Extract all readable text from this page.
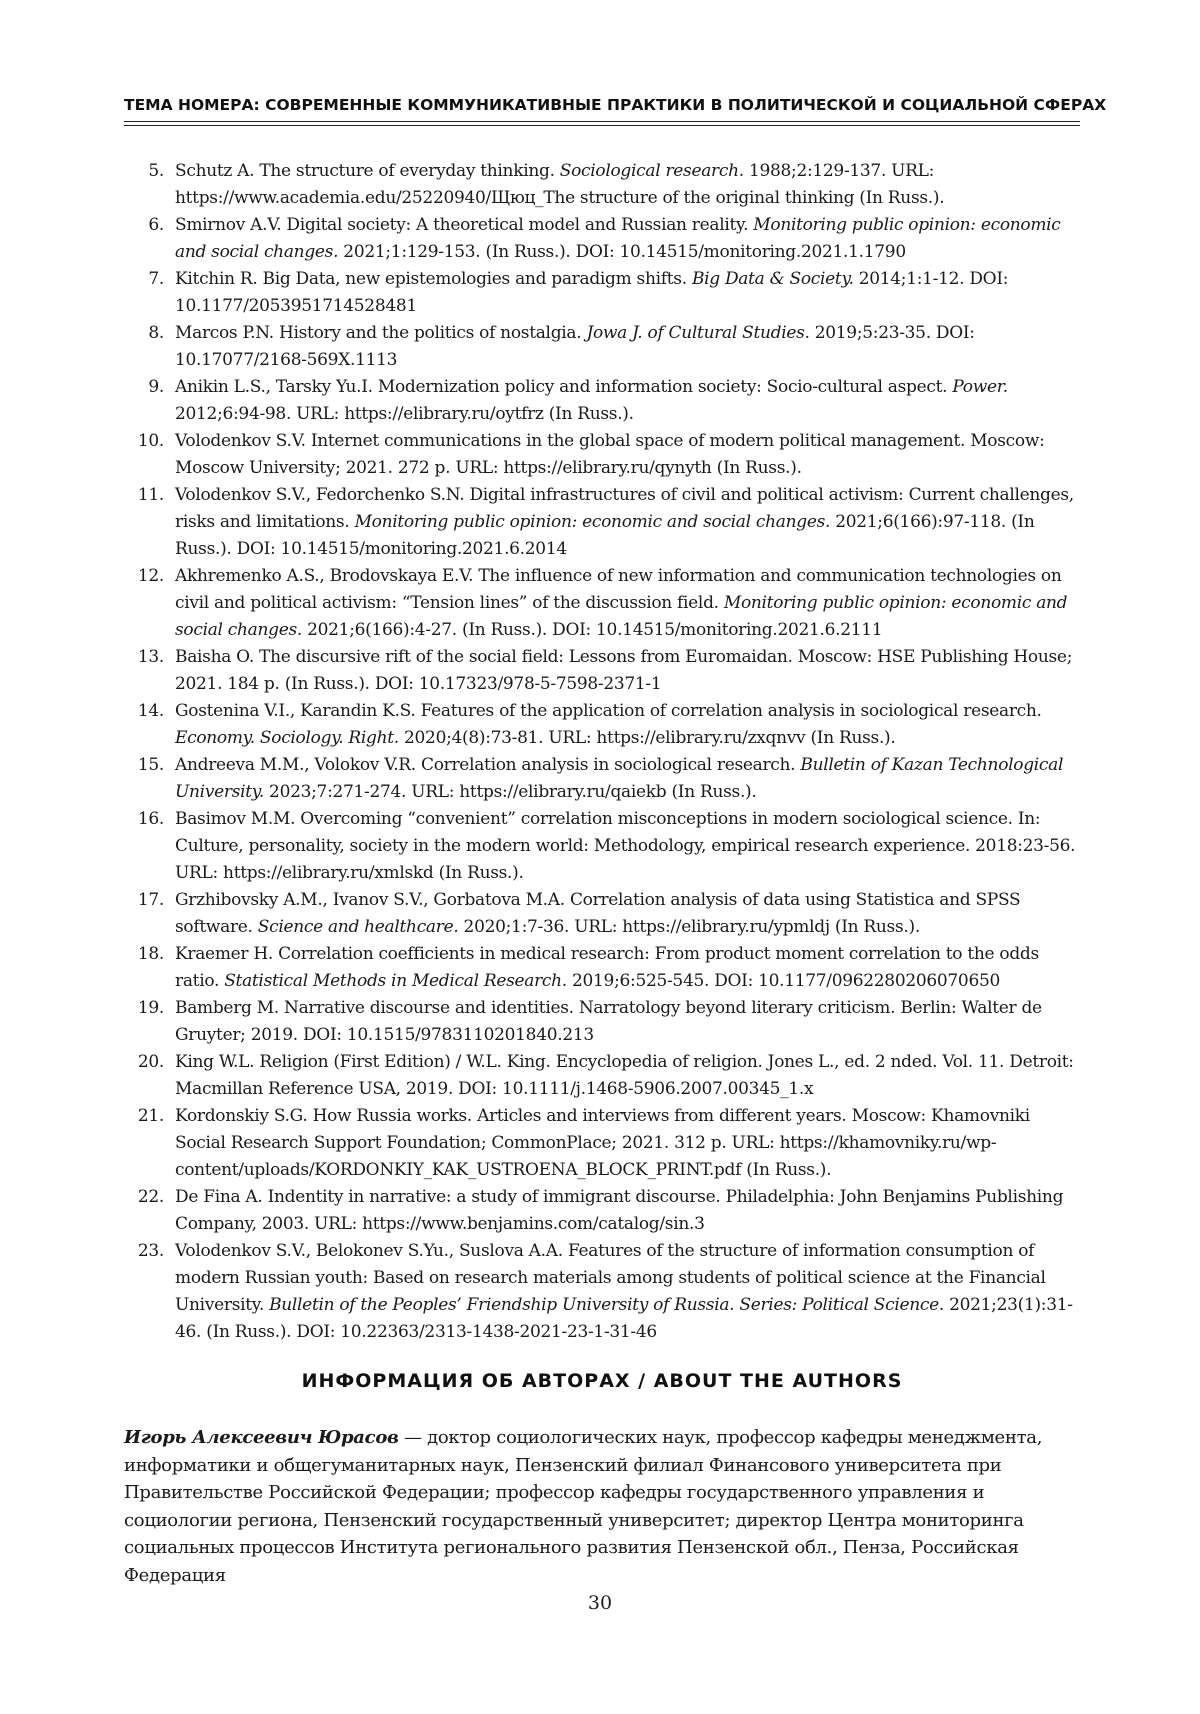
ТЕМА НОМЕРА: СОВРЕМЕННЫЕ КОММУНИКАТИВНЫЕ ПРАКТИКИ В ПОЛИТИЧЕСКОЙ И СОЦИАЛЬНОЙ СФЕРАХ
5. Schutz A. The structure of everyday thinking. Sociological research. 1988;2:129-137. URL: https://www.academia.edu/25220940/Щюц_The structure of the original thinking (In Russ.).
6. Smirnov A.V. Digital society: A theoretical model and Russian reality. Monitoring public opinion: economic and social changes. 2021;1:129-153. (In Russ.). DOI: 10.14515/monitoring.2021.1.1790
7. Kitchin R. Big Data, new epistemologies and paradigm shifts. Big Data & Society. 2014;1:1-12. DOI: 10.1177/2053951714528481
8. Marcos P.N. History and the politics of nostalgia. Jowa J. of Cultural Studies. 2019;5:23-35. DOI: 10.17077/2168-569X.1113
9. Anikin L.S., Tarsky Yu.I. Modernization policy and information society: Socio-cultural aspect. Power. 2012;6:94-98. URL: https://elibrary.ru/oytfrz (In Russ.).
10. Volodenkov S.V. Internet communications in the global space of modern political management. Moscow: Moscow University; 2021. 272 p. URL: https://elibrary.ru/qynyth (In Russ.).
11. Volodenkov S.V., Fedorchenko S.N. Digital infrastructures of civil and political activism: Current challenges, risks and limitations. Monitoring public opinion: economic and social changes. 2021;6(166):97-118. (In Russ.). DOI: 10.14515/monitoring.2021.6.2014
12. Akhremenko A.S., Brodovskaya E.V. The influence of new information and communication technologies on civil and political activism: “Tension lines” of the discussion field. Monitoring public opinion: economic and social changes. 2021;6(166):4-27. (In Russ.). DOI: 10.14515/monitoring.2021.6.2111
13. Baisha O. The discursive rift of the social field: Lessons from Euromaidan. Moscow: HSE Publishing House; 2021. 184 p. (In Russ.). DOI: 10.17323/978-5-7598-2371-1
14. Gostenina V.I., Karandin K.S. Features of the application of correlation analysis in sociological research. Economy. Sociology. Right. 2020;4(8):73-81. URL: https://elibrary.ru/zxqnvv (In Russ.).
15. Andreeva M.M., Volokov V.R. Correlation analysis in sociological research. Bulletin of Kazan Technological University. 2023;7:271-274. URL: https://elibrary.ru/qaiekb (In Russ.).
16. Basimov M.M. Overcoming “convenient” correlation misconceptions in modern sociological science. In: Culture, personality, society in the modern world: Methodology, empirical research experience. 2018:23-56. URL: https://elibrary.ru/xmlskd (In Russ.).
17. Grzhibovsky A.M., Ivanov S.V., Gorbatova M.A. Correlation analysis of data using Statistica and SPSS software. Science and healthcare. 2020;1:7-36. URL: https://elibrary.ru/ypmldj (In Russ.).
18. Kraemer H. Correlation coefficients in medical research: From product moment correlation to the odds ratio. Statistical Methods in Medical Research. 2019;6:525-545. DOI: 10.1177/0962280206070650
19. Bamberg M. Narrative discourse and identities. Narratology beyond literary criticism. Berlin: Walter de Gruyter; 2019. DOI: 10.1515/9783110201840.213
20. King W.L. Religion (First Edition) / W.L. King. Encyclopedia of religion. Jones L., ed. 2 nded. Vol. 11. Detroit: Macmillan Reference USA, 2019. DOI: 10.1111/j.1468-5906.2007.00345_1.x
21. Kordonskiy S.G. How Russia works. Articles and interviews from different years. Moscow: Khamovniki Social Research Support Foundation; CommonPlace; 2021. 312 p. URL: https://khamovniky.ru/wp-content/uploads/KORDONKIY_KAK_USTROENA_BLOCK_PRINT.pdf (In Russ.).
22. De Fina A. Indentity in narrative: a study of immigrant discourse. Philadelphia: John Benjamins Publishing Company, 2003. URL: https://www.benjamins.com/catalog/sin.3
23. Volodenkov S.V., Belokonev S.Yu., Suslova A.A. Features of the structure of information consumption of modern Russian youth: Based on research materials among students of political science at the Financial University. Bulletin of the Peoples’ Friendship University of Russia. Series: Political Science. 2021;23(1):31-46. (In Russ.). DOI: 10.22363/2313-1438-2021-23-1-31-46
ИНФОРМАЦИЯ ОБ АВТОРАХ / ABOUT THE AUTHORS
Игорь Алексеевич Юрасов — доктор социологических наук, профессор кафедры менеджмента, информатики и общегуманитарных наук, Пензенский филиал Финансового университета при Правительстве Российской Федерации; профессор кафедры государственного управления и социологии региона, Пензенский государственный университет; директор Центра мониторинга социальных процессов Института регионального развития Пензенской обл., Пенза, Российская Федерация
30
